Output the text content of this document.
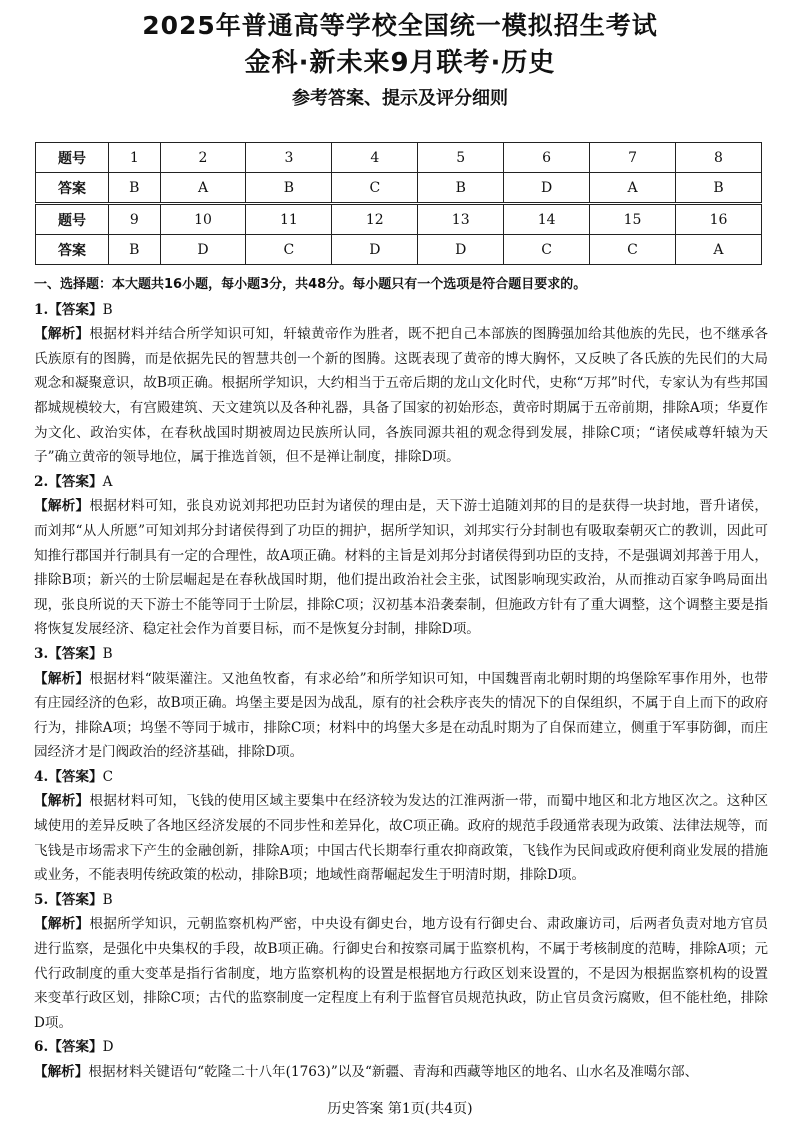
2025年普通高等学校全国统一模拟招生考试
金科·新未来9月联考·历史
参考答案、提示及评分细则
题号	1	2	3	4	5	6	7	8
答案	B	A	B	C	B	D	A	B
题号	9	10	11	12	13	14	15	16
答案	B	D	C	D	D	C	C	A
一、选择题：本大题共16小题，每小题3分，共48分。每小题只有一个选项是符合题目要求的。
1.【答案】B
【解析】根据材料并结合所学知识可知，轩辕黄帝作为胜者，既不把自己本部族的图腾强加给其他族的先民，也不继承各氏族原有的图腾，而是依据先民的智慧共创一个新的图腾。这既表现了黄帝的博大胸怀，又反映了各氏族的先民们的大局观念和凝聚意识，故B项正确。根据所学知识，大约相当于五帝后期的龙山文化时代，史称“万邦”时代，专家认为有些邦国都城规模较大，有宫殿建筑、天文建筑以及各种礼器，具备了国家的初始形态，黄帝时期属于五帝前期，排除A项；华夏作为文化、政治实体，在春秋战国时期被周边民族所认同，各族同源共祖的观念得到发展，排除C项；“诸侯咸尊轩辕为天子”确立黄帝的领导地位，属于推选首领，但不是禅让制度，排除D项。
2.【答案】A
【解析】根据材料可知，张良劝说刘邦把功臣封为诸侯的理由是，天下游士追随刘邦的目的是获得一块封地，晋升诸侯，而刘邦“从人所愿”可知刘邦分封诸侯得到了功臣的拥护，据所学知识，刘邦实行分封制也有吸取秦朝灭亡的教训，因此可知推行郡国并行制具有一定的合理性，故A项正确。材料的主旨是刘邦分封诸侯得到功臣的支持，不是强调刘邦善于用人，排除B项；新兴的士阶层崛起是在春秋战国时期，他们提出政治社会主张，试图影响现实政治，从而推动百家争鸣局面出现，张良所说的天下游士不能等同于士阶层，排除C项；汉初基本沿袭秦制，但施政方针有了重大调整，这个调整主要是指将恢复发展经济、稳定社会作为首要目标，而不是恢复分封制，排除D项。
3.【答案】B
【解析】根据材料“陂渠灌注。又池鱼牧畜，有求必给”和所学知识可知，中国魏晋南北朝时期的坞堡除军事作用外，也带有庄园经济的色彩，故B项正确。坞堡主要是因为战乱，原有的社会秩序丧失的情况下的自保组织，不属于自上而下的政府行为，排除A项；坞堡不等同于城市，排除C项；材料中的坞堡大多是在动乱时期为了自保而建立，侧重于军事防御，而庄园经济才是门阀政治的经济基础，排除D项。
4.【答案】C
【解析】根据材料可知，飞钱的使用区域主要集中在经济较为发达的江淮两浙一带，而蜀中地区和北方地区次之。这种区域使用的差异反映了各地区经济发展的不同步性和差异化，故C项正确。政府的规范手段通常表现为政策、法律法规等，而飞钱是市场需求下产生的金融创新，排除A项；中国古代长期奉行重农抑商政策，飞钱作为民间或政府便利商业发展的措施或业务，不能表明传统政策的松动，排除B项；地域性商帮崛起发生于明清时期，排除D项。
5.【答案】B
【解析】根据所学知识，元朝监察机构严密，中央设有御史台，地方设有行御史台、肃政廉访司，后两者负责对地方官员进行监察，是强化中央集权的手段，故B项正确。行御史台和按察司属于监察机构，不属于考核制度的范畴，排除A项；元代行政制度的重大变革是指行省制度，地方监察机构的设置是根据地方行政区划来设置的，不是因为根据监察机构的设置来变革行政区划，排除C项；古代的监察制度一定程度上有利于监督官员规范执政，防止官员贪污腐败，但不能杜绝，排除D项。
6.【答案】D
【解析】根据材料关键语句“乾隆二十八年(1763)”以及“新疆、青海和西藏等地区的地名、山水名及准噶尔部、
历史答案 第1页(共4页)
